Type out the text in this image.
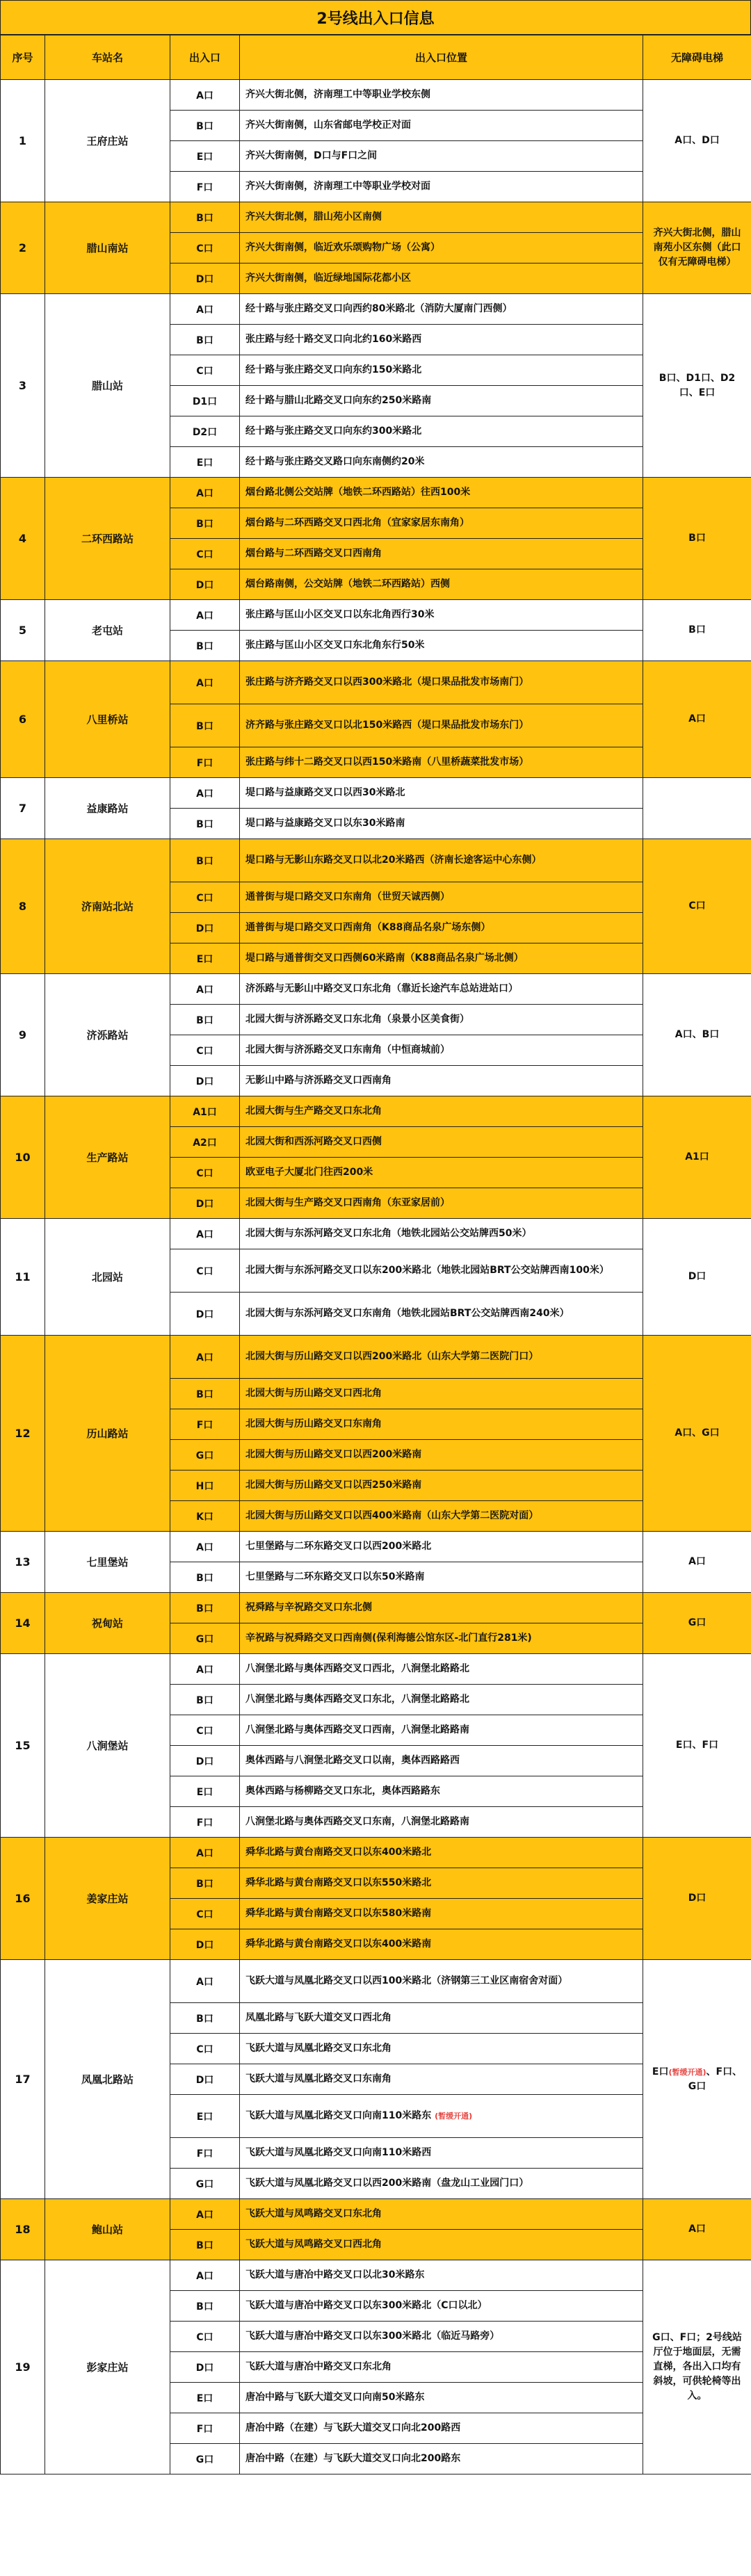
2号线出入口信息
序号	车站名	出入口	出入口位置	无障碍电梯
1	王府庄站	A口	齐兴大街北侧，济南理工中等职业学校东侧	A口、D口
		B口	齐兴大街南侧，山东省邮电学校正对面	
		E口	齐兴大街南侧，D口与F口之间	
		F口	齐兴大街南侧，济南理工中等职业学校对面	
2	腊山南站	B口	齐兴大街北侧，腊山苑小区南侧	齐兴大街北侧，腊山南苑小区东侧（此口仅有无障碍电梯）
		C口	齐兴大街南侧，临近欢乐颂购物广场（公寓）	
		D口	齐兴大街南侧，临近绿地国际花都小区	
3	腊山站	A口	经十路与张庄路交叉口向西约80米路北（消防大厦南门西侧）	B口、D1口、D2口、E口
		B口	张庄路与经十路交叉口向北约160米路西	
		C口	经十路与张庄路交叉口向东约150米路北	
		D1口	经十路与腊山北路交叉口向东约250米路南	
		D2口	经十路与张庄路交叉口向东约300米路北	
		E口	经十路与张庄路交叉路口向东南侧约20米	
4	二环西路站	A口	烟台路北侧公交站牌（地铁二环西路站）往西100米	B口
		B口	烟台路与二环西路交叉口西北角（宜家家居东南角）	
		C口	烟台路与二环西路交叉口西南角	
		D口	烟台路南侧，公交站牌（地铁二环西路站）西侧	
5	老屯站	A口	张庄路与匡山小区交叉口以东北角西行30米	B口
		B口	张庄路与匡山小区交叉口东北角东行50米	
6	八里桥站	A口	张庄路与济齐路交叉口以西300米路北（堤口果品批发市场南门）	A口
		B口	济齐路与张庄路交叉口以北150米路西（堤口果品批发市场东门）	
		F口	张庄路与纬十二路交叉口以西150米路南（八里桥蔬菜批发市场）	
7	益康路站	A口	堤口路与益康路交叉口以西30米路北	
		B口	堤口路与益康路交叉口以东30米路南	
8	济南站北站	B口	堤口路与无影山东路交叉口以北20米路西（济南长途客运中心东侧）	C口
		C口	通普街与堤口路交叉口东南角（世贸天诚西侧）	
		D口	通普街与堤口路交叉口西南角（K88商品名泉广场东侧）	
		E口	堤口路与通普街交叉口西侧60米路南（K88商品名泉广场北侧）	
9	济泺路站	A口	济泺路与无影山中路交叉口东北角（靠近长途汽车总站进站口）	A口、B口
		B口	北园大街与济泺路交叉口东北角（泉景小区美食街）	
		C口	北园大街与济泺路交叉口东南角（中恒商城前）	
		D口	无影山中路与济泺路交叉口西南角	
10	生产路站	A1口	北园大街与生产路交叉口东北角	A1口
		A2口	北园大街和西泺河路交叉口西侧	
		C口	欧亚电子大厦北门往西200米	
		D口	北园大街与生产路交叉口西南角（东亚家居前）	
11	北园站	A口	北园大街与东泺河路交叉口东北角（地铁北园站公交站牌西50米）	D口
		C口	北园大街与东泺河路交叉口以东200米路北（地铁北园站BRT公交站牌西南100米）	
		D口	北园大街与东泺河路交叉口东南角（地铁北园站BRT公交站牌西南240米）	
12	历山路站	A口	北园大街与历山路交叉口以西200米路北（山东大学第二医院门口）	A口、G口
		B口	北园大街与历山路交叉口西北角	
		F口	北园大街与历山路交叉口东南角	
		G口	北园大街与历山路交叉口以西200米路南	
		H口	北园大街与历山路交叉口以西250米路南	
		K口	北园大街与历山路交叉口以西400米路南（山东大学第二医院对面）	
13	七里堡站	A口	七里堡路与二环东路交叉口以西200米路北	A口
		B口	七里堡路与二环东路交叉口以东50米路南	
14	祝甸站	B口	祝舜路与辛祝路交叉口东北侧	G口
		G口	辛祝路与祝舜路交叉口西南侧(保利海德公馆东区-北门直行281米)	
15	八涧堡站	A口	八涧堡北路与奥体西路交叉口西北，八涧堡北路路北	E口、F口
		B口	八涧堡北路与奥体西路交叉口东北，八涧堡北路路北	
		C口	八涧堡北路与奥体西路交叉口西南，八涧堡北路路南	
		D口	奥体西路与八涧堡北路交叉口以南，奥体西路路西	
		E口	奥体西路与杨柳路交叉口东北，奥体西路路东	
		F口	八涧堡北路与奥体西路交叉口东南，八涧堡北路路南	
16	姜家庄站	A口	舜华北路与黄台南路交叉口以东400米路北	D口
		B口	舜华北路与黄台南路交叉口以东550米路北	
		C口	舜华北路与黄台南路交叉口以东580米路南	
		D口	舜华北路与黄台南路交叉口以东400米路南	
17	凤凰北路站	A口	飞跃大道与凤凰北路交叉口以西100米路北（济钢第三工业区南宿舍对面）	E口(暂缓开通)、F口、G口
		B口	凤凰北路与飞跃大道交叉口西北角	
		C口	飞跃大道与凤凰北路交叉口东北角	
		D口	飞跃大道与凤凰北路交叉口东南角	
		E口	飞跃大道与凤凰北路交叉口向南110米路东 (暂缓开通)	
		F口	飞跃大道与凤凰北路交叉口向南110米路西	
		G口	飞跃大道与凤凰北路交叉口以西200米路南（盘龙山工业园门口）	
18	鲍山站	A口	飞跃大道与凤鸣路交叉口东北角	A口
		B口	飞跃大道与凤鸣路交叉口西北角	
19	彭家庄站	A口	飞跃大道与唐冶中路交叉口以北30米路东	G口、F口；2号线站厅位于地面层，无需直梯，各出入口均有斜坡，可供轮椅等出入。
		B口	飞跃大道与唐冶中路交叉口以东300米路北（C口以北）	
		C口	飞跃大道与唐冶中路交叉口以东300米路北（临近马路旁）	
		D口	飞跃大道与唐冶中路交叉口东北角	
		E口	唐冶中路与飞跃大道交叉口向南50米路东	
		F口	唐冶中路（在建）与飞跃大道交叉口向北200路西	
		G口	唐冶中路（在建）与飞跃大道交叉口向北200路东	
